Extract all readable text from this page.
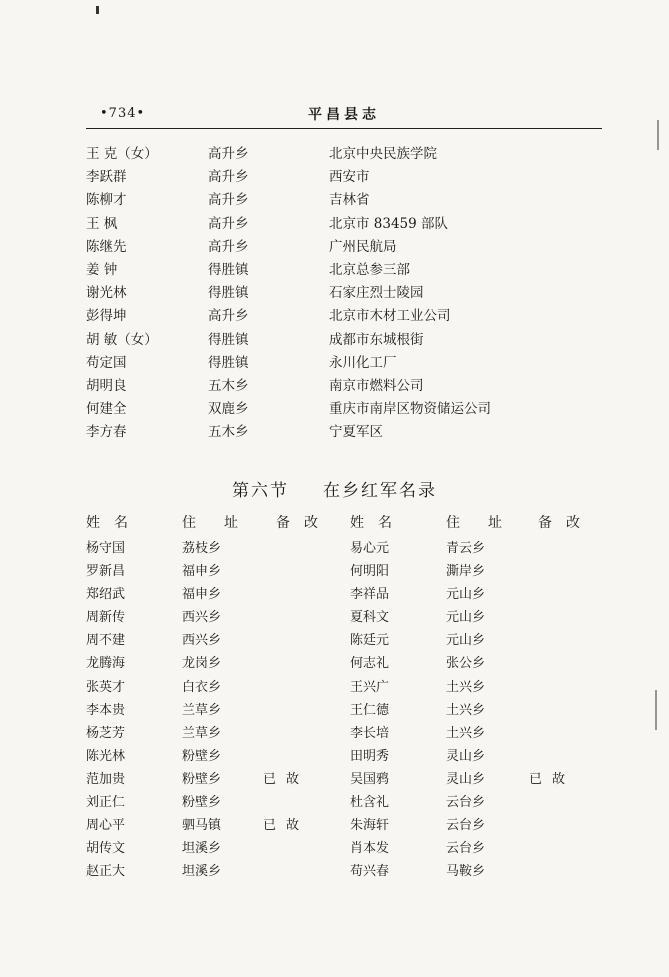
•734•	平昌县志
王 克（女）	高升乡	北京中央民族学院
李跃群	高升乡	西安市
陈柳才	高升乡	吉林省
王 枫	高升乡	北京市 83459 部队
陈继先	高升乡	广州民航局
姜 钟	得胜镇	北京总参三部
谢光林	得胜镇	石家庄烈士陵园
彭得坤	高升乡	北京市木材工业公司
胡 敏（女）	得胜镇	成都市东城根街
苟定国	得胜镇	永川化工厂
胡明良	五木乡	南京市燃料公司
何建全	双鹿乡	重庆市南岸区物资储运公司
李方春	五木乡	宁夏军区
第六节 在乡红军名录
姓名	住址 备改 姓名	住址 备改
杨守国	荔枝乡	易心元	青云乡
罗新昌	福申乡	何明阳	澌岸乡
郑绍武	福申乡	李祥品	元山乡
周新传	西兴乡	夏科文	元山乡
周不建	西兴乡	陈廷元	元山乡
龙腾海	龙岗乡	何志礼	张公乡
张英才	白衣乡	王兴广	土兴乡
李本贵	兰草乡	王仁德	土兴乡
杨芝芳	兰草乡	李长培	土兴乡
陈光林	粉壁乡	田明秀	灵山乡
范加贵	粉壁乡	已故	吴国鸦	灵山乡	已故
刘正仁	粉壁乡	杜含礼	云台乡
周心平	驷马镇	已故	朱海轩	云台乡
胡传文	坦溪乡	肖本发	云台乡
赵正大	坦溪乡	苟兴春	马鞍乡
